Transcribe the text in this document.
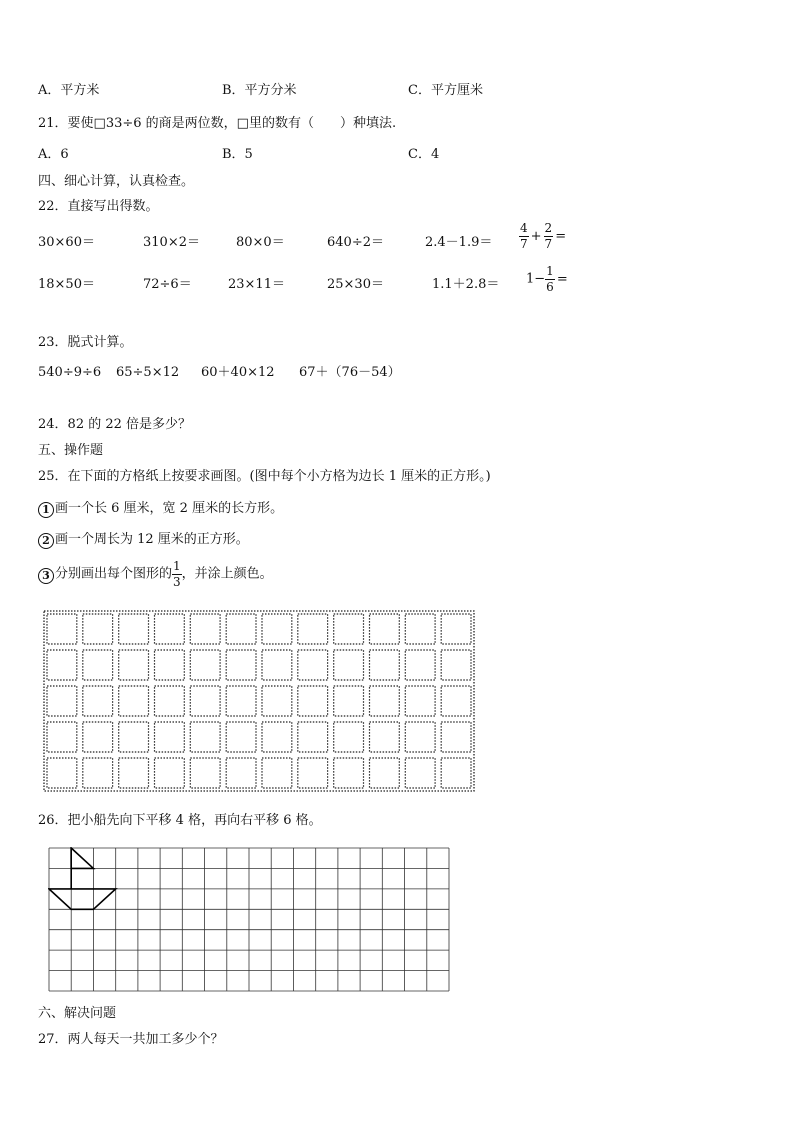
A．平方米	B．平方分米	C．平方厘米
21．要使□33÷6 的商是两位数，□里的数有（　　）种填法.
A．6	B．5	C．4
四、细心计算，认真检查。
22．直接写出得数。
30×60＝	310×2＝	80×0＝	640÷2＝	$2.4-1.9= \frac{4}{7} + \frac{2}{7}$ =
18×50＝	72÷6＝	23×11＝	25×30＝	$1.1+2.8= 1- \frac{1}{6}$ =
23．脱式计算。
540÷9÷6 65÷5×12 60＋40×12 67＋（76－54）
24．82 的 22 倍是多少？
五、操作题
25．在下面的方格纸上按要求画图。(图中每个小方格为边长 1 厘米的正方形。)
1 画一个长 6 厘米，宽 2 厘米的长方形。
2 画一个周长为 12 厘米的正方形。
3 分别画出每个图形的 $\frac{1}{3}$ ，并涂上颜色。
26．把小船先向下平移 4 格，再向右平移 6 格。
六、解决问题
27．两人每天一共加工多少个？
